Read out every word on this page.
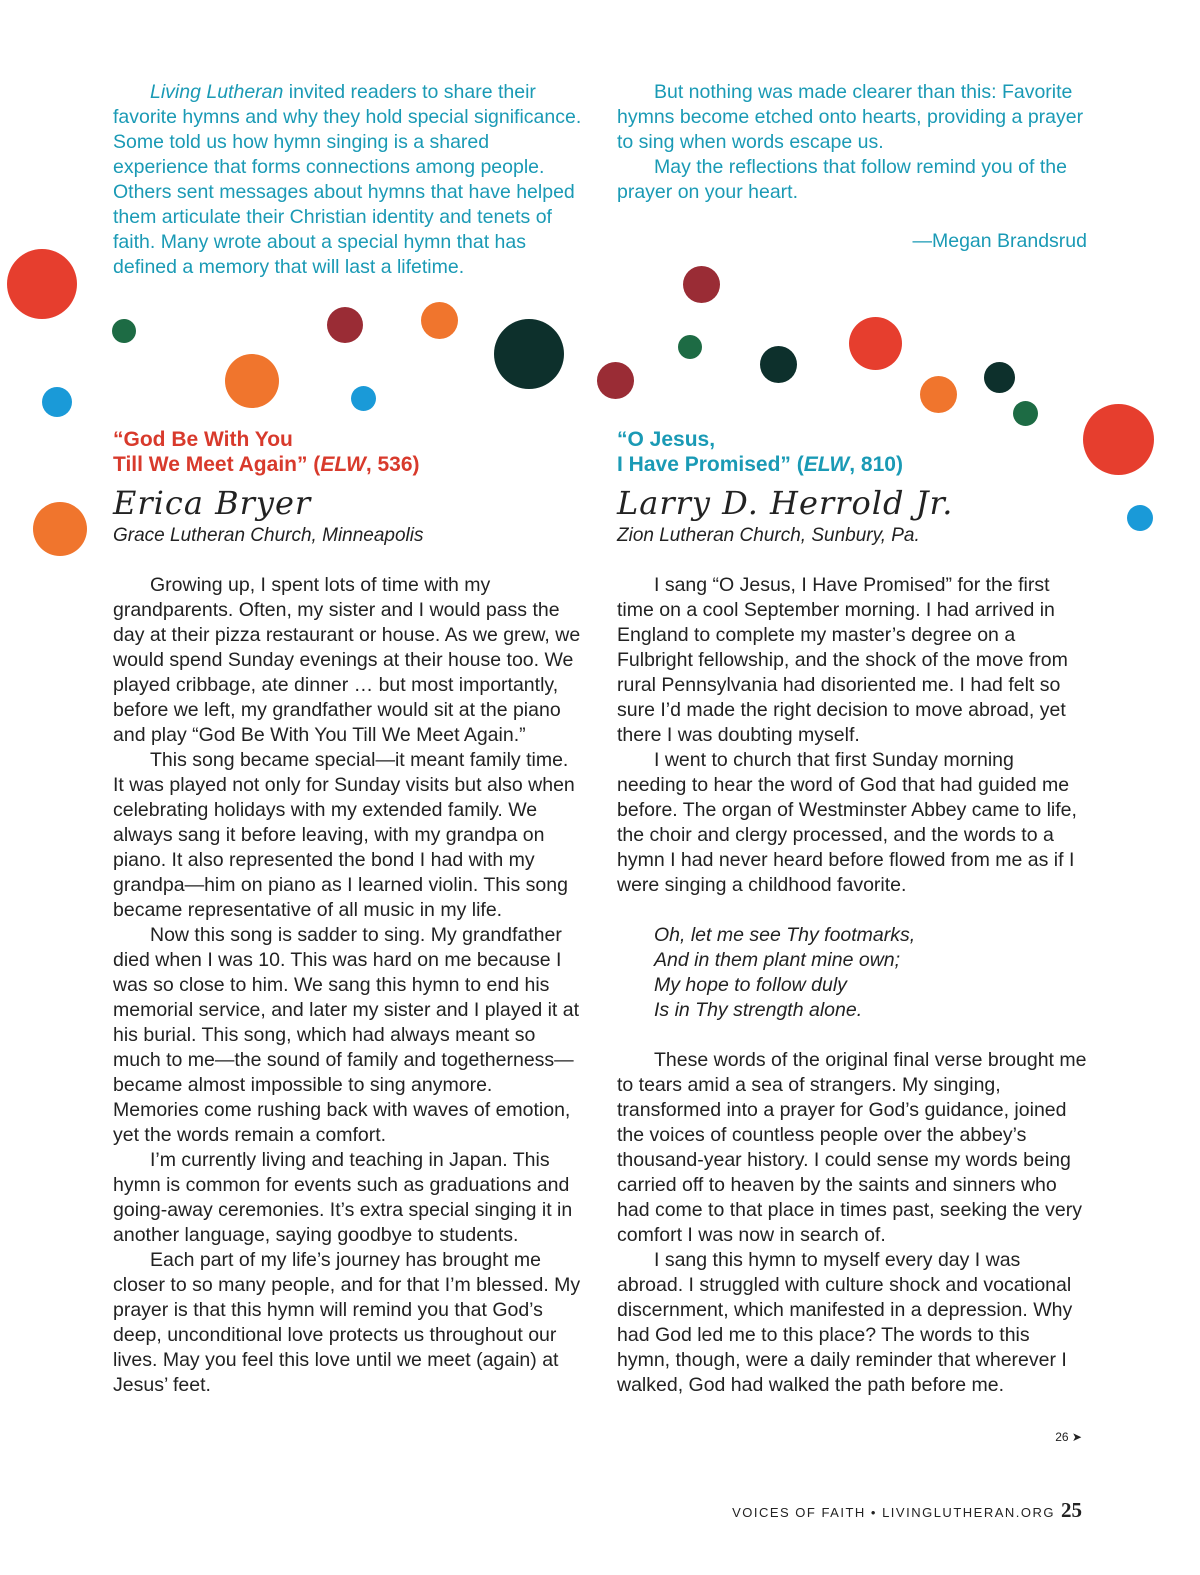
Living Lutheran invited readers to share their favorite hymns and why they hold special significance. Some told us how hymn singing is a shared experience that forms connections among people. Others sent messages about hymns that have helped them articulate their Christian identity and tenets of faith. Many wrote about a special hymn that has defined a memory that will last a lifetime.

But nothing was made clearer than this: Favorite hymns become etched onto hearts, providing a prayer to sing when words escape us.

May the reflections that follow remind you of the prayer on your heart.

—Megan Brandsrud
“God Be With You
Till We Meet Again” (ELW, 536)
Erica Bryer
Grace Lutheran Church, Minneapolis

Growing up, I spent lots of time with my grandparents. Often, my sister and I would pass the day at their pizza restaurant or house. As we grew, we would spend Sunday evenings at their house too. We played cribbage, ate dinner … but most importantly, before we left, my grandfather would sit at the piano and play “God Be With You Till We Meet Again.”

This song became special—it meant family time. It was played not only for Sunday visits but also when celebrating holidays with my extended family. We always sang it before leaving, with my grandpa on piano. It also represented the bond I had with my grandpa—him on piano as I learned violin. This song became representative of all music in my life.

Now this song is sadder to sing. My grandfather died when I was 10. This was hard on me because I was so close to him. We sang this hymn to end his memorial service, and later my sister and I played it at his burial. This song, which had always meant so much to me—the sound of family and togetherness—became almost impossible to sing anymore. Memories come rushing back with waves of emotion, yet the words remain a comfort.

I’m currently living and teaching in Japan. This hymn is common for events such as graduations and going-away ceremonies. It’s extra special singing it in another language, saying goodbye to students.

Each part of my life’s journey has brought me closer to so many people, and for that I’m blessed. My prayer is that this hymn will remind you that God’s deep, unconditional love protects us throughout our lives. May you feel this love until we meet (again) at Jesus’ feet.

“O Jesus,
I Have Promised” (ELW, 810)
Larry D. Herrold Jr.
Zion Lutheran Church, Sunbury, Pa.

I sang “O Jesus, I Have Promised” for the first time on a cool September morning. I had arrived in England to complete my master’s degree on a Fulbright fellowship, and the shock of the move from rural Pennsylvania had disoriented me. I had felt so sure I’d made the right decision to move abroad, yet there I was doubting myself.

I went to church that first Sunday morning needing to hear the word of God that had guided me before. The organ of Westminster Abbey came to life, the choir and clergy processed, and the words to a hymn I had never heard before flowed from me as if I were singing a childhood favorite.

Oh, let me see Thy footmarks,
And in them plant mine own;
My hope to follow duly
Is in Thy strength alone.

These words of the original final verse brought me to tears amid a sea of strangers. My singing, transformed into a prayer for God’s guidance, joined the voices of countless people over the abbey’s thousand-year history. I could sense my words being carried off to heaven by the saints and sinners who had come to that place in times past, seeking the very comfort I was now in search of.

I sang this hymn to myself every day I was abroad. I struggled with culture shock and vocational discernment, which manifested in a depression. Why had God led me to this place? The words to this hymn, though, were a daily reminder that wherever I walked, God had walked the path before me.

26 ➤
VOICES OF FAITH • LIVINGLUTHERAN.ORG 25
